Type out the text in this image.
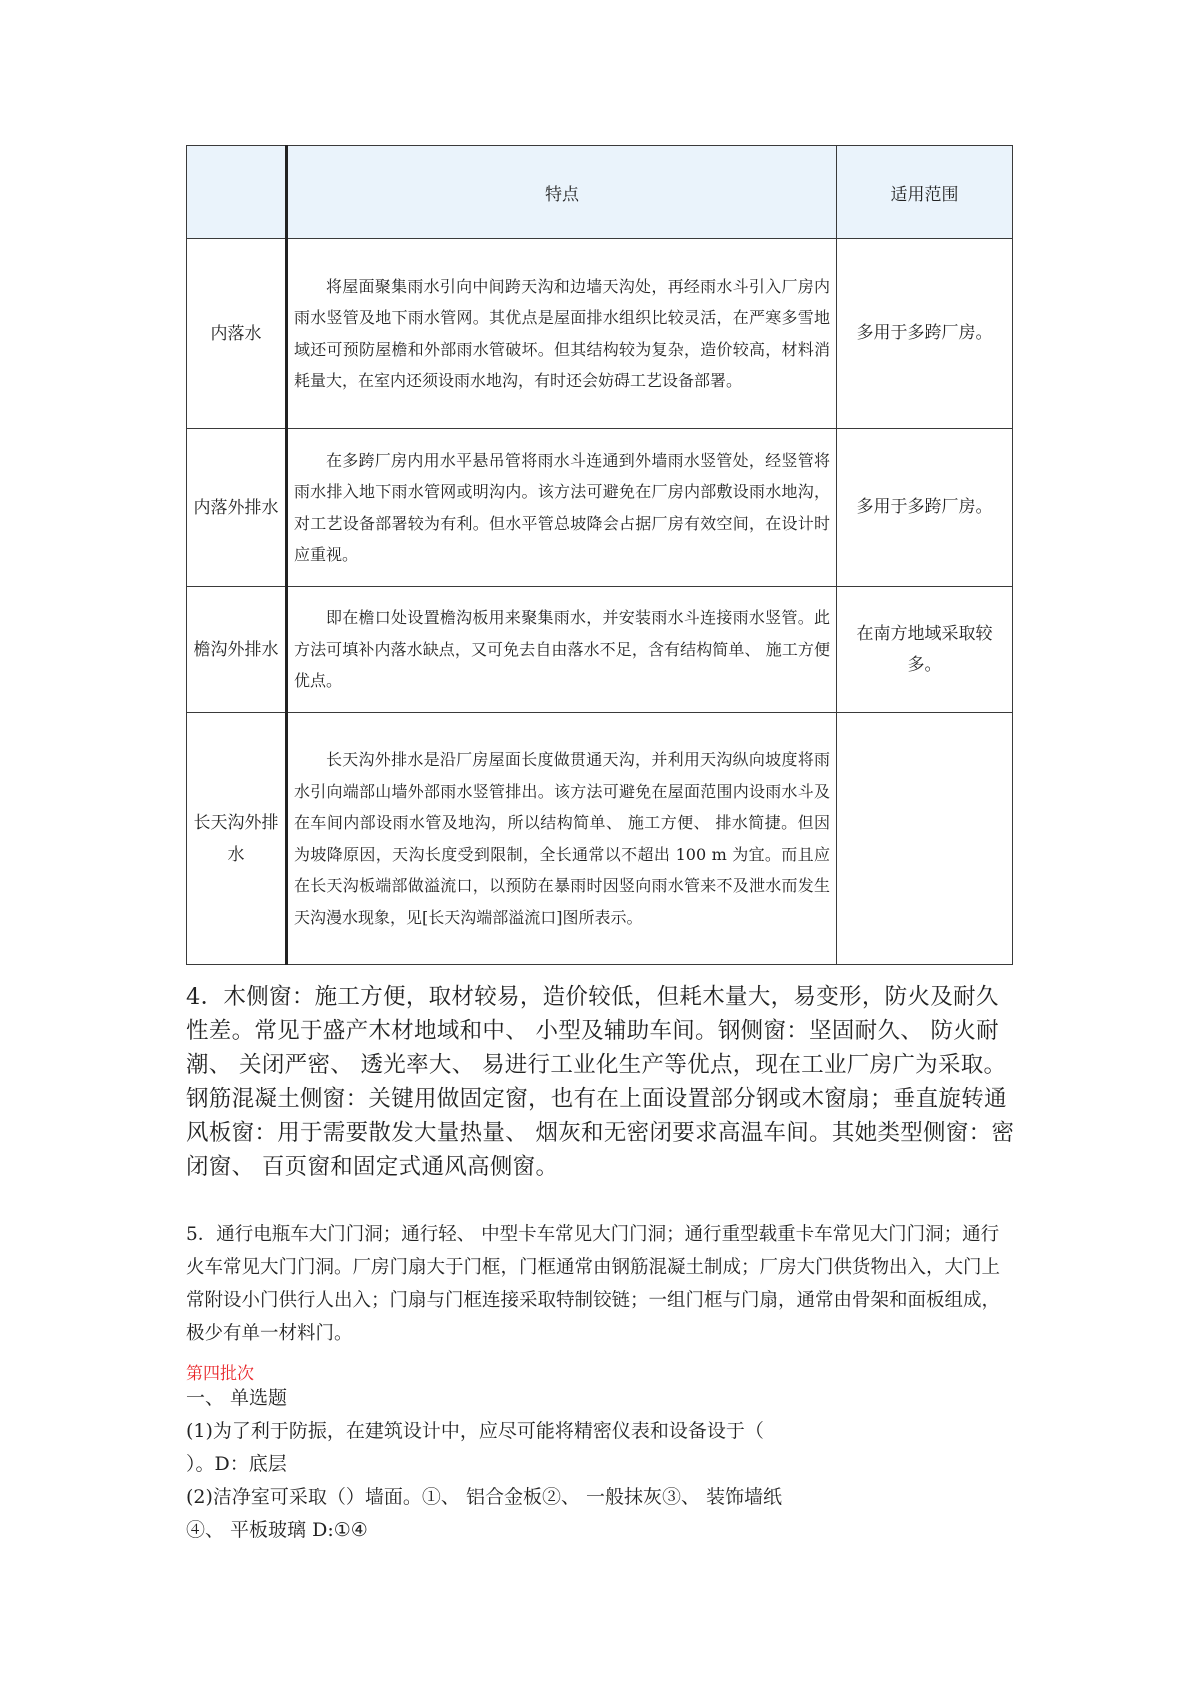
	特点	适用范围
内落水	将屋面聚集雨水引向中间跨天沟和边墙天沟处，再经雨水斗引入厂房内雨水竖管及地下雨水管网。其优点是屋面排水组织比较灵活，在严寒多雪地域还可预防屋檐和外部雨水管破坏。但其结构较为复杂，造价较高，材料消耗量大，在室内还须设雨水地沟，有时还会妨碍工艺设备部署。	多用于多跨厂房。
内落外排水	在多跨厂房内用水平悬吊管将雨水斗连通到外墙雨水竖管处，经竖管将雨水排入地下雨水管网或明沟内。该方法可避免在厂房内部敷设雨水地沟，对工艺设备部署较为有利。但水平管总坡降会占据厂房有效空间，在设计时应重视。	多用于多跨厂房。
檐沟外排水	即在檐口处设置檐沟板用来聚集雨水，并安装雨水斗连接雨水竖管。此方法可填补内落水缺点，又可免去自由落水不足，含有结构简单、 施工方便优点。	在南方地域采取较多。
长天沟外排水	长天沟外排水是沿厂房屋面长度做贯通天沟，并利用天沟纵向坡度将雨水引向端部山墙外部雨水竖管排出。该方法可避免在屋面范围内设雨水斗及在车间内部设雨水管及地沟，所以结构简单、 施工方便、 排水简捷。但因为坡降原因，天沟长度受到限制，全长通常以不超出 100 m 为宜。而且应在长天沟板端部做溢流口，以预防在暴雨时因竖向雨水管来不及泄水而发生天沟漫水现象，见[长天沟端部溢流口]图所表示。	
4．木侧窗：施工方便，取材较易，造价较低，但耗木量大，易变形，防火及耐久性差。常见于盛产木材地域和中、 小型及辅助车间。钢侧窗：坚固耐久、 防火耐潮、 关闭严密、 透光率大、 易进行工业化生产等优点，现在工业厂房广为采取。钢筋混凝土侧窗：关键用做固定窗，也有在上面设置部分钢或木窗扇；垂直旋转通风板窗：用于需要散发大量热量、 烟灰和无密闭要求高温车间。其她类型侧窗：密闭窗、 百页窗和固定式通风高侧窗。
5．通行电瓶车大门门洞；通行轻、 中型卡车常见大门门洞；通行重型载重卡车常见大门门洞；通行火车常见大门门洞。厂房门扇大于门框，门框通常由钢筋混凝土制成；厂房大门供货物出入，大门上常附设小门供行人出入；门扇与门框连接采取特制铰链；一组门框与门扇，通常由骨架和面板组成，极少有单一材料门。
第四批次
一、 单选题
(1)为了利于防振，在建筑设计中，应尽可能将精密仪表和设备设于（
）。D：底层
(2)洁净室可采取（）墙面。①、 铝合金板②、 一般抹灰③、 装饰墙纸
④、 平板玻璃 D:①④
